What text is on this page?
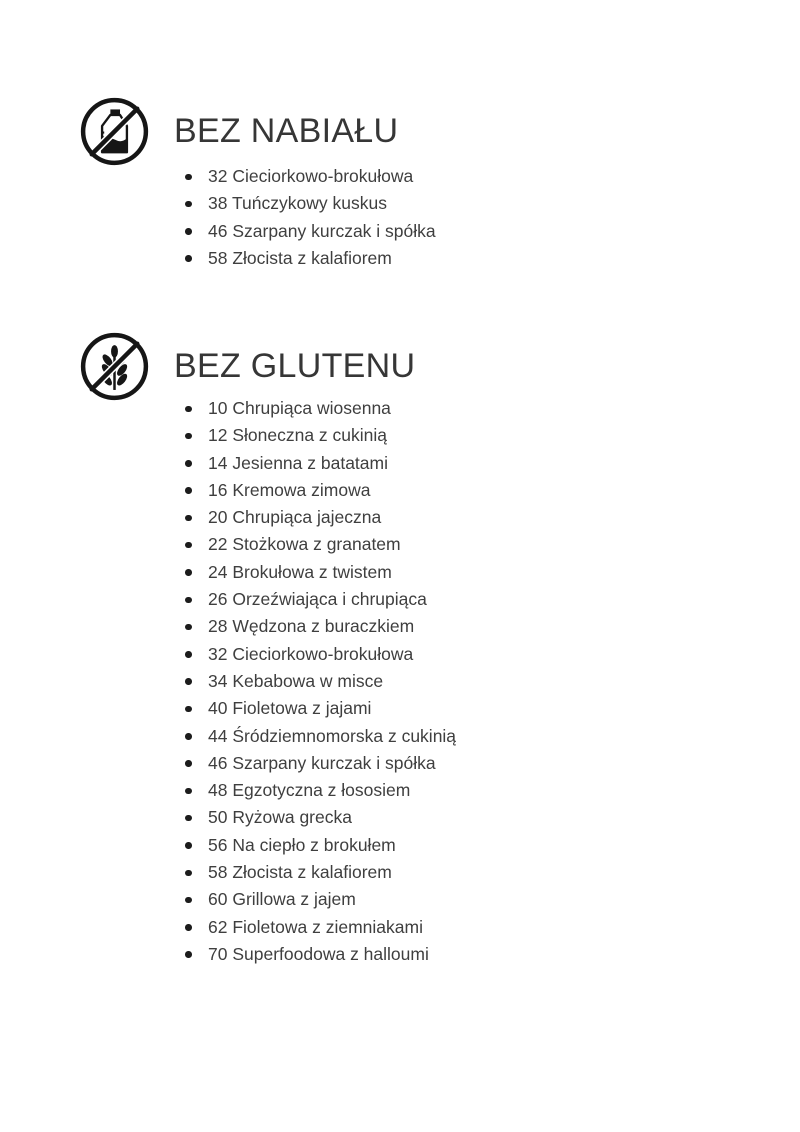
BEZ NABIAŁU
32 Cieciorkowo-brokułowa
38 Tuńczykowy kuskus
46 Szarpany kurczak i spółka
58 Złocista z kalafiorem
BEZ GLUTENU
10 Chrupiąca wiosenna
12 Słoneczna z cukinią
14 Jesienna z batatami
16 Kremowa zimowa
20 Chrupiąca jajeczna
22 Stożkowa z granatem
24 Brokułowa z twistem
26 Orzeźwiająca i chrupiąca
28 Wędzona z buraczkiem
32 Cieciorkowo-brokułowa
34 Kebabowa w misce
40 Fioletowa z jajami
44 Śródziemnomorska z cukinią
46 Szarpany kurczak i spółka
48 Egzotyczna z łososiem
50 Ryżowa grecka
56 Na ciepło z brokułem
58 Złocista z kalafiorem
60 Grillowa z jajem
62 Fioletowa z ziemniakami
70 Superfoodowa z halloumi
